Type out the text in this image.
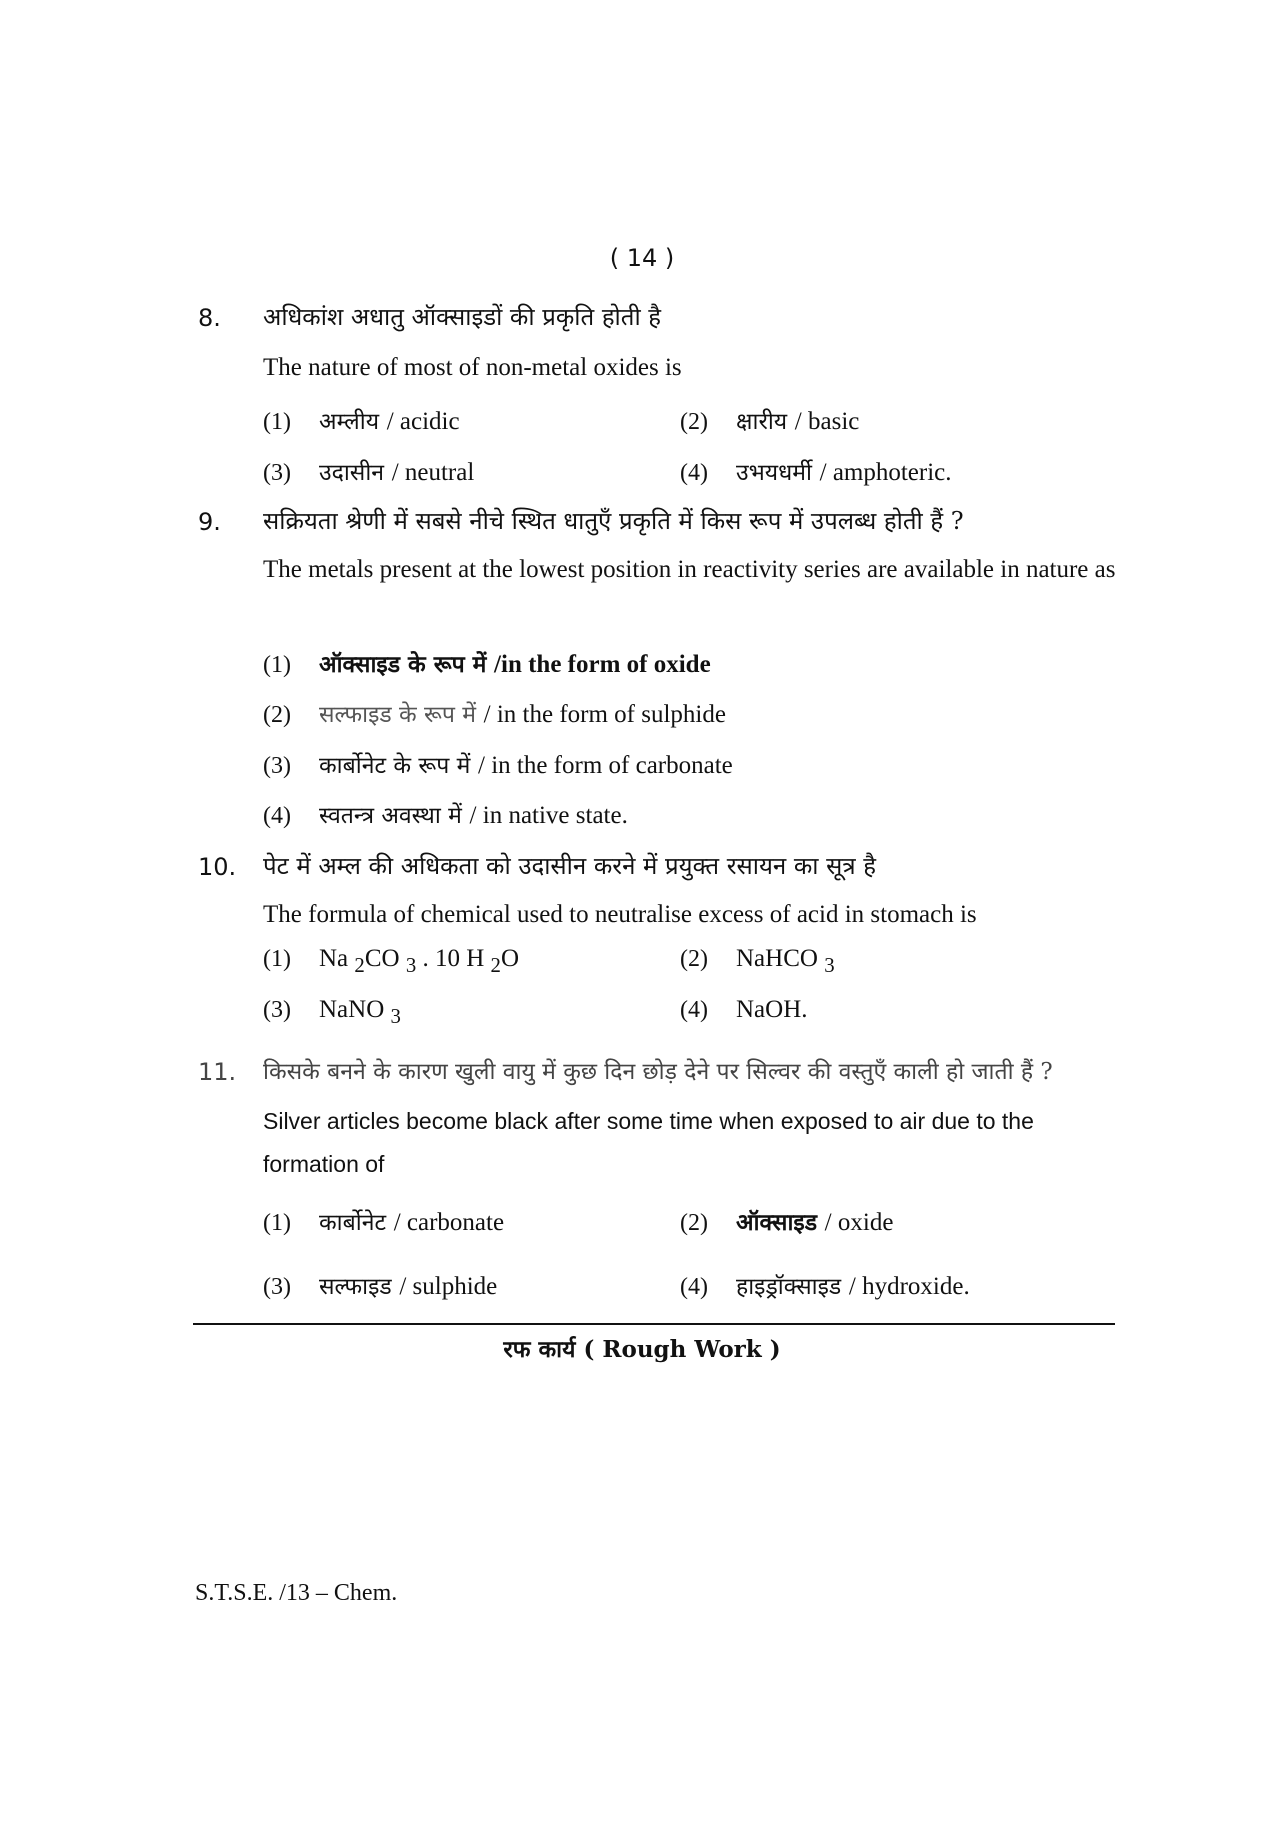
( 14 )
8. अधिकांश अधातु ऑक्साइडों की प्रकृति होती है
The nature of most of non-metal oxides is
(1) अम्लीय / acidic	(2) क्षारीय / basic
(3) उदासीन / neutral	(4) उभयधर्मी / amphoteric.
9. सक्रियता श्रेणी में सबसे नीचे स्थित धातुएँ प्रकृति में किस रूप में उपलब्ध होती हैं ?
The metals present at the lowest position in reactivity series are available in nature as
(1) ऑक्साइड के रूप में /in the form of oxide
(2) सल्फाइड के रूप में / in the form of sulphide
(3) कार्बोनेट के रूप में / in the form of carbonate
(4) स्वतन्त्र अवस्था में / in native state.
10. पेट में अम्ल की अधिकता को उदासीन करने में प्रयुक्त रसायन का सूत्र है
The formula of chemical used to neutralise excess of acid in stomach is
(1) Na $_2$CO $_3$ . 10 H $_2$O	(2) NaHCO $_3$
(3) NaNO $_3$	(4) NaOH.
11. किसके बनने के कारण खुली वायु में कुछ दिन छोड़ देने पर सिल्वर की वस्तुएँ काली हो जाती हैं ?
Silver articles become black after some time when exposed to air due to the formation of
(1) कार्बोनेट / carbonate	(2) ऑक्साइड / oxide
(3) सल्फाइड / sulphide	(4) हाइड्रॉक्साइड / hydroxide.
रफ कार्य ( Rough Work )
S.T.S.E. /13 – Chem.
